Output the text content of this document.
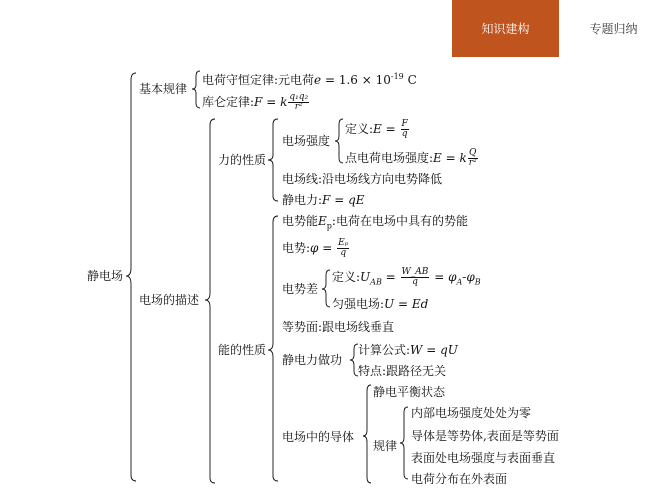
知识建构	专题归纳
静电场
基本规律
电荷守恒定律:元电荷$e = 1.6 \times 10^{-19}$ C
库仑定律:F = k $\frac{\text{q₁q₂}}{\text{r²}}$
电场的描述
力的性质
电场强度
定义:E = $\frac{F}{q}$
点电荷电场强度:E = k $\frac{Q}{\text{r²}}$
电场线:沿电场线方向电势降低
静电力:F = qE
能的性质
电势能$E_p$:电荷在电场中具有的势能
电势:φ = $\frac{\text{Eₚ}}{q}$
电势差
定义$:U_{AB} = \frac{W\_AB}{q} = \varphi_A-\varphi_B$
匀强电场:U = Ed
等势面:跟电场线垂直
静电力做功
计算公式:W = qU
特点:跟路径无关
电场中的导体
静电平衡状态
规律
内部电场强度处处为零
导体是等势体,表面是等势面
表面处电场强度与表面垂直
电荷分布在外表面
